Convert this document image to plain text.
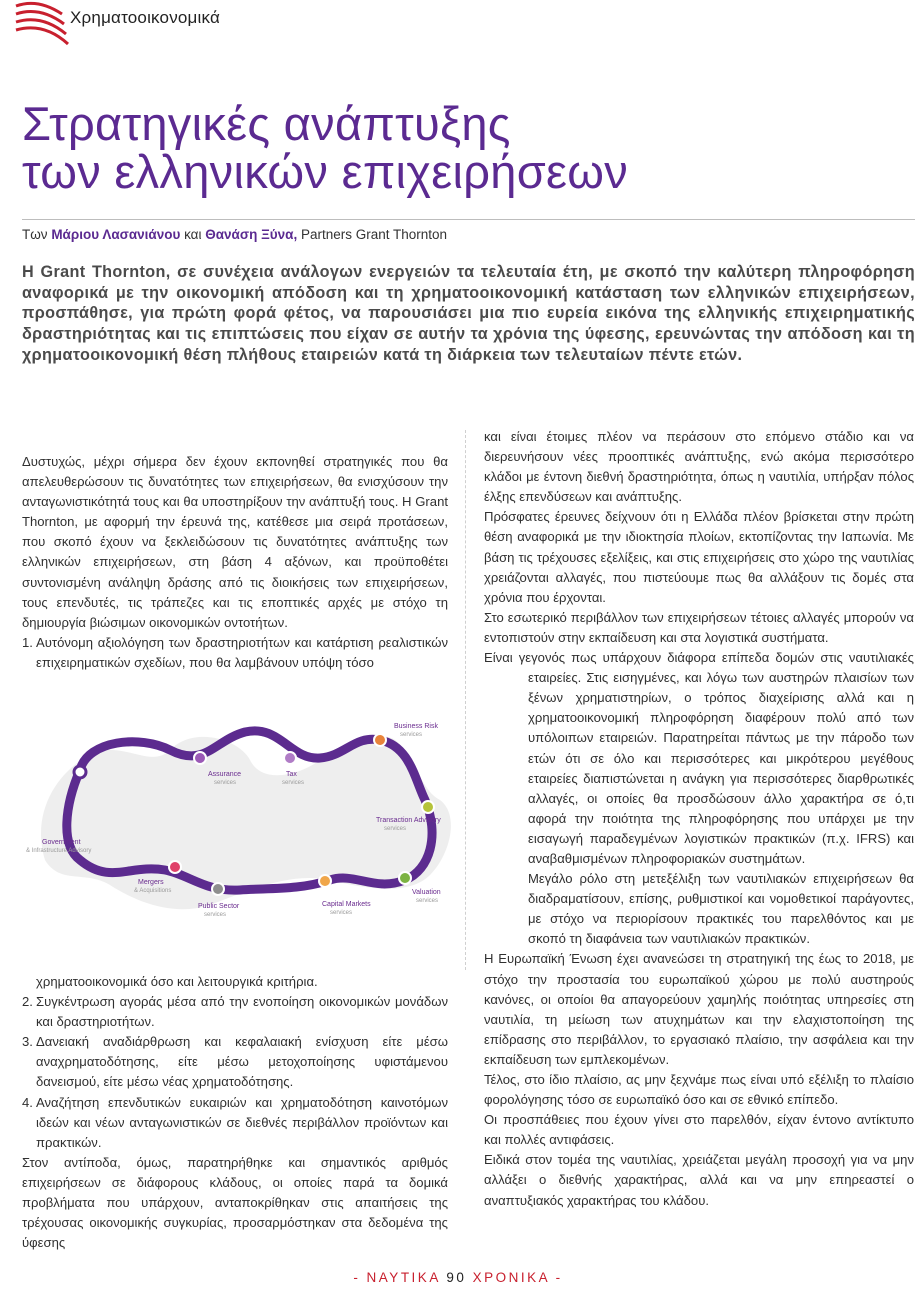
Χρηματοοικονομικά
Στρατηγικές ανάπτυξης
των ελληνικών επιχειρήσεων
Των Μάριου Λασανιάνου και Θανάση Ξύνα, Partners Grant Thornton
Η Grant Thornton, σε συνέχεια ανάλογων ενεργειών τα τελευταία έτη, με σκοπό την καλύτερη πληροφόρηση αναφορικά με την οικονομική απόδοση και τη χρηματοοικονομική κατάσταση των ελληνικών επιχειρήσεων, προσπάθησε, για πρώτη φορά φέτος, να παρουσιάσει μια πιο ευρεία εικόνα της ελληνικής επιχειρηματικής δραστηριότητας και τις επιπτώσεις που είχαν σε αυτήν τα χρόνια της ύφεσης, ερευνώντας την απόδοση και τη χρηματοοικονομική θέση πλήθους εταιρειών κατά τη διάρκεια των τελευταίων πέντε ετών.

Δυστυχώς, μέχρι σήμερα δεν έχουν εκπονηθεί στρατηγικές που θα απελευθερώσουν τις δυνατότητες των επιχειρήσεων, θα ενισχύσουν την ανταγωνιστικότητά τους και θα υποστηρίξουν την ανάπτυξή τους. Η Grant Thornton, με αφορμή την έρευνά της, κατέθεσε μια σειρά προτάσεων, που σκοπό έχουν να ξεκλειδώσουν τις δυνατότητες ανάπτυξης των ελληνικών επιχειρήσεων, στη βάση 4 αξόνων, και προϋποθέτει συντονισμένη ανάληψη δράσης από τις διοικήσεις των επιχειρήσεων, τους επενδυτές, τις τράπεζες και τις εποπτικές αρχές με στόχο τη δημιουργία βιώσιμων οικονομικών οντοτήτων.

1. Αυτόνομη αξιολόγηση των δραστηριοτήτων και κατάρτιση ρεαλιστικών επιχειρηματικών σχεδίων, που θα λαμβάνουν υπόψη τόσο
Business Risk
services
Assurance
services
Tax
services
Transaction Advisory
services
Government
& Infrastructure Advisory
Mergers
& Acquisitions	Valuation
services
Public Sector
services
Capital Markets
services

χρηματοοικονομικά όσο και λειτουργικά κριτήρια.

2. Συγκέντρωση αγοράς μέσα από την ενοποίηση οικονομικών μονάδων και δραστηριοτήτων.
3. Δανειακή αναδιάρθρωση και κεφαλαιακή ενίσχυση είτε μέσω αναχρηματοδότησης, είτε μέσω μετοχοποίησης υφιστάμενου δανεισμού, είτε μέσω νέας χρηματοδότησης.
4. Αναζήτηση επενδυτικών ευκαιριών και χρηματοδότηση καινοτόμων ιδεών και νέων ανταγωνιστικών σε διεθνές περιβάλλον προϊόντων και πρακτικών.

Στον αντίποδα, όμως, παρατηρήθηκε και σημαντικός αριθμός επιχειρήσεων σε διάφορους κλάδους, οι οποίες παρά τα δομικά προβλήματα που υπάρχουν, ανταποκρίθηκαν στις απαιτήσεις της τρέχουσας οικονομικής συγκυρίας, προσαρμόστηκαν στα δεδομένα της ύφεσης

και είναι έτοιμες πλέον να περάσουν στο επόμενο στάδιο και να διερευνήσουν νέες προοπτικές ανάπτυξης, ενώ ακόμα περισσότερο κλάδοι με έντονη διεθνή δραστηριότητα, όπως η ναυτιλία, υπήρξαν πόλος έλξης επενδύσεων και ανάπτυξης.

Πρόσφατες έρευνες δείχνουν ότι η Ελλάδα πλέον βρίσκεται στην πρώτη θέση αναφορικά με την ιδιοκτησία πλοίων, εκτοπίζοντας την Ιαπωνία. Με βάση τις τρέχουσες εξελίξεις, και στις επιχειρήσεις στο χώρο της ναυτιλίας χρειάζονται αλλαγές, που πιστεύουμε πως θα αλλάξουν τις δομές στα χρόνια που έρχονται.

Στο εσωτερικό περιβάλλον των επιχειρήσεων τέτοιες αλλαγές μπορούν να εντοπιστούν στην εκπαίδευση και στα λογιστικά συστήματα.

Είναι γεγονός πως υπάρχουν διάφορα επίπεδα δομών στις ναυτιλιακές εταιρείες. Στις εισηγμένες, και λόγω των αυστηρών πλαισίων των ξένων χρηματιστηρίων, ο τρόπος διαχείρισης αλλά και η χρηματοοικονομική πληροφόρηση διαφέρουν πολύ από των υπόλοιπων εταιρειών. Παρατηρείται πάντως με την πάροδο των ετών ότι σε όλο και περισσότερες και μικρότερου μεγέθους εταιρείες διαπιστώνεται η ανάγκη για περισσότερες διαρθρωτικές αλλαγές, οι οποίες θα προσδώσουν άλλο χαρακτήρα σε ό,τι αφορά την ποιότητα της πληροφόρησης που υπάρχει με την εισαγωγή παραδεγμένων λογιστικών πρακτικών (π.χ. IFRS) και αναβαθμισμένων πληροφοριακών συστημάτων.

Μεγάλο ρόλο στη μετεξέλιξη των ναυτιλιακών επιχειρήσεων θα διαδραματίσουν, επίσης, ρυθμιστικοί και νομοθετικοί παράγοντες, με στόχο να περιορίσουν πρακτικές του παρελθόντος και με σκοπό τη διαφάνεια των ναυτιλιακών πρακτικών.

Η Ευρωπαϊκή Ένωση έχει ανανεώσει τη στρατηγική της έως το 2018, με στόχο την προστασία του ευρωπαϊκού χώρου με πολύ αυστηρούς κανόνες, οι οποίοι θα απαγορεύουν χαμηλής ποιότητας υπηρεσίες στη ναυτιλία, τη μείωση των ατυχημάτων και την ελαχιστοποίηση της επίδρασης στο περιβάλλον, το εργασιακό πλαίσιο, την ασφάλεια και την εκπαίδευση των εμπλεκομένων.

Τέλος, στο ίδιο πλαίσιο, ας μην ξεχνάμε πως είναι υπό εξέλιξη το πλαίσιο φορολόγησης τόσο σε ευρωπαϊκό όσο και σε εθνικό επίπεδο.

Οι προσπάθειες που έχουν γίνει στο παρελθόν, είχαν έντονο αντίκτυπο και πολλές αντιφάσεις.

Ειδικά στον τομέα της ναυτιλίας, χρειάζεται μεγάλη προσοχή για να μην αλλάξει ο διεθνής χαρακτήρας, αλλά και να μην επηρεαστεί ο αναπτυξιακός χαρακτήρας του κλάδου.

- ΝΑΥΤΙΚΑ 90 ΧΡΟΝΙΚΑ -
